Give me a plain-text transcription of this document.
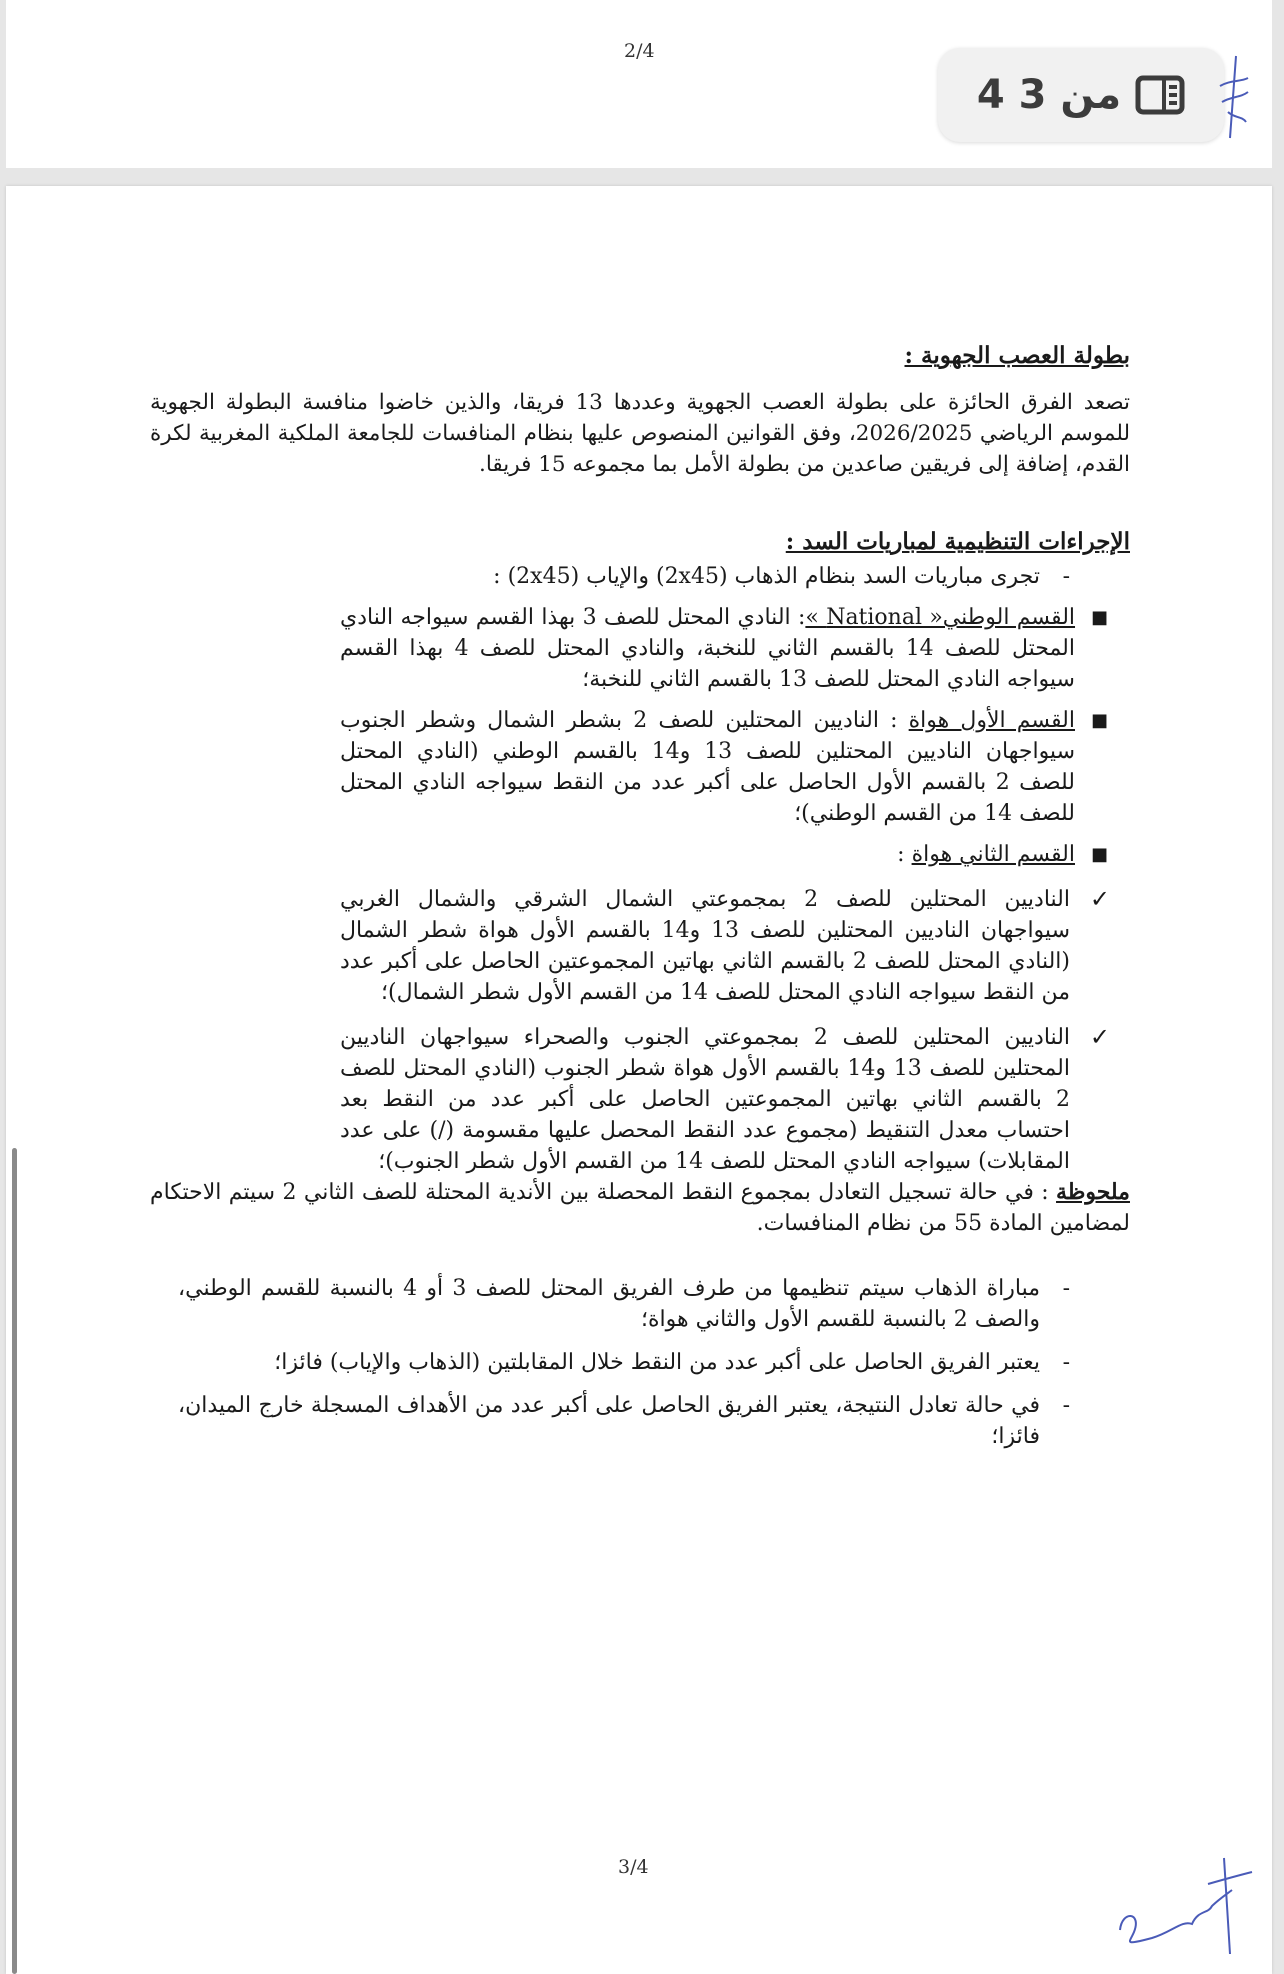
2/4
4 من 3
3/4

بطولة العصب الجهوية :

تصعد الفرق الحائزة على بطولة العصب الجهوية وعددها 13 فريقا، والذين خاضوا منافسة البطولة الجهوية للموسم الرياضي 2026/2025، وفق القوانين المنصوص عليها بنظام المنافسات للجامعة الملكية المغربية لكرة القدم، إضافة إلى فريقين صاعدين من بطولة الأمل بما مجموعه 15 فريقا.

الإجراءات التنظيمية لمباريات السد :

-
تجرى مباريات السد بنظام الذهاب (2x45) والإياب (2x45) :
■
القسم الوطني« National »: النادي المحتل للصف 3 بهذا القسم سيواجه النادي المحتل للصف 14 بالقسم الثاني للنخبة، والنادي المحتل للصف 4 بهذا القسم سيواجه النادي المحتل للصف 13 بالقسم الثاني للنخبة؛
■
القسم الأول هواة : الناديين المحتلين للصف 2 بشطر الشمال وشطر الجنوب سيواجهان الناديين المحتلين للصف 13 و14 بالقسم الوطني (النادي المحتل للصف 2 بالقسم الأول الحاصل على أكبر عدد من النقط سيواجه النادي المحتل للصف 14 من القسم الوطني)؛
■
القسم الثاني هواة :
✓
الناديين المحتلين للصف 2 بمجموعتي الشمال الشرقي والشمال الغربي سيواجهان الناديين المحتلين للصف 13 و14 بالقسم الأول هواة شطر الشمال (النادي المحتل للصف 2 بالقسم الثاني بهاتين المجموعتين الحاصل على أكبر عدد من النقط سيواجه النادي المحتل للصف 14 من القسم الأول شطر الشمال)؛
✓
الناديين المحتلين للصف 2 بمجموعتي الجنوب والصحراء سيواجهان الناديين المحتلين للصف 13 و14 بالقسم الأول هواة شطر الجنوب (النادي المحتل للصف 2 بالقسم الثاني بهاتين المجموعتين الحاصل على أكبر عدد من النقط بعد احتساب معدل التنقيط (مجموع عدد النقط المحصل عليها مقسومة (/) على عدد المقابلات) سيواجه النادي المحتل للصف 14 من القسم الأول شطر الجنوب)؛

ملحوظة : في حالة تسجيل التعادل بمجموع النقط المحصلة بين الأندية المحتلة للصف الثاني 2 سيتم الاحتكام لمضامين المادة 55 من نظام المنافسات.

-
مباراة الذهاب سيتم تنظيمها من طرف الفريق المحتل للصف 3 أو 4 بالنسبة للقسم الوطني، والصف 2 بالنسبة للقسم الأول والثاني هواة؛
-
يعتبر الفريق الحاصل على أكبر عدد من النقط خلال المقابلتين (الذهاب والإياب) فائزا؛
-
في حالة تعادل النتيجة، يعتبر الفريق الحاصل على أكبر عدد من الأهداف المسجلة خارج الميدان، فائزا؛
